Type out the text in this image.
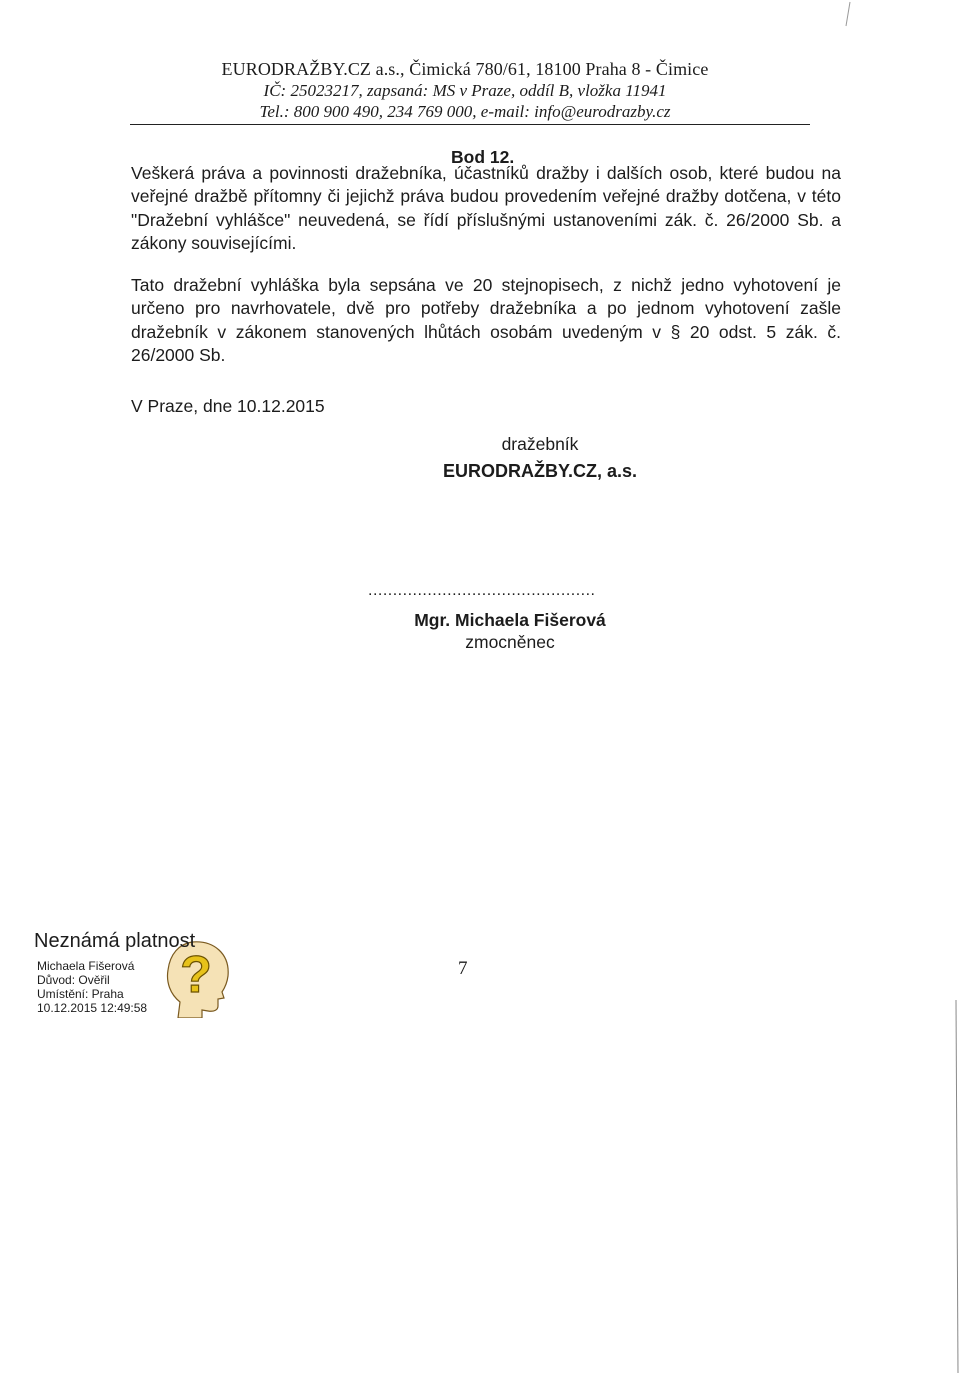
EURODRAŽBY.CZ a.s., Čimická 780/61, 18100 Praha 8 - Čimice
IČ: 25023217, zapsaná: MS v Praze, oddíl B, vložka 11941
Tel.: 800 900 490, 234 769 000, e-mail: info@eurodrazby.cz
Bod 12.
Veškerá práva a povinnosti dražebníka, účastníků dražby i dalších osob, které budou na veřejné dražbě přítomny či jejichž práva budou provedením veřejné dražby dotčena, v této "Dražební vyhlášce" neuvedená, se řídí příslušnými ustanoveními zák. č. 26/2000 Sb. a zákony souvisejícími.
Tato dražební vyhláška byla sepsána ve 20 stejnopisech, z nichž jedno vyhotovení je určeno pro navrhovatele, dvě pro potřeby dražebníka a po jednom vyhotovení zašle dražebník v zákonem stanovených lhůtách osobám uvedeným v § 20 odst. 5 zák. č. 26/2000 Sb.
V Praze, dne 10.12.2015
dražebník
EURODRAŽBY.CZ, a.s.
..............................................
Mgr. Michaela Fišerová
zmocněnec
?
Neznámá platnost
Michaela Fišerová
Důvod: Ověřil
Umístění: Praha
10.12.2015 12:49:58
7
